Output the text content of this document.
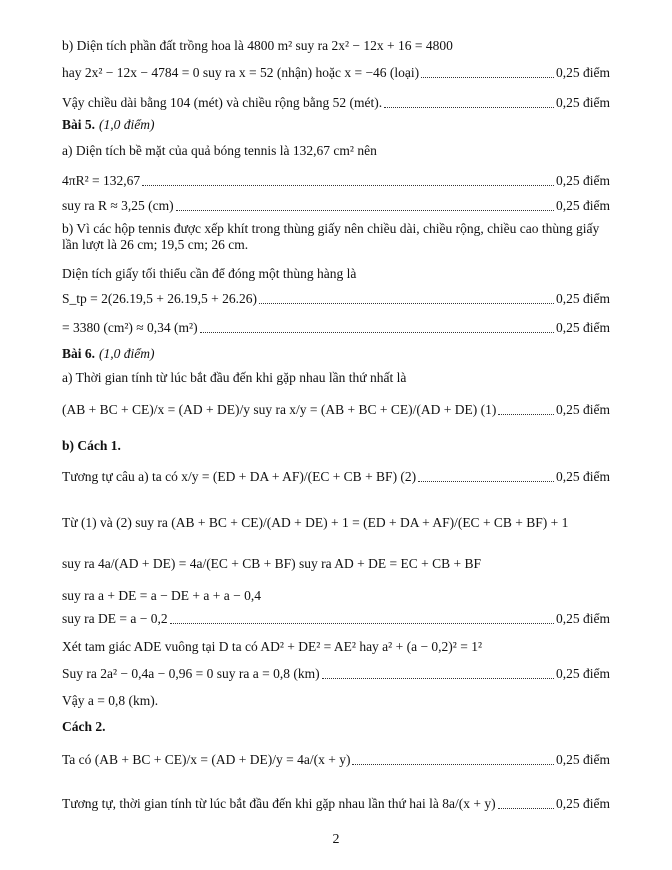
b) Diện tích phần đất trồng hoa là 4800 m² suy ra 2x² − 12x + 16 = 4800
hay 2x² − 12x − 4784 = 0 suy ra x = 52 (nhận) hoặc x = −46 (loại)	0,25 điểm
Vậy chiều dài bằng 104 (mét) và chiều rộng bằng 52 (mét).	0,25 điểm
Bài 5. (1,0 điểm)
a) Diện tích bề mặt của quả bóng tennis là 132,67 cm² nên
4πR² = 132,67	0,25 điểm
suy ra R ≈ 3,25 (cm)	0,25 điểm
b) Vì các hộp tennis được xếp khít trong thùng giấy nên chiều dài, chiều rộng, chiều cao thùng giấy lần lượt là 26 cm; 19,5 cm; 26 cm.
Diện tích giấy tối thiểu cần để đóng một thùng hàng là
S_tp = 2(26.19,5 + 26.19,5 + 26.26)	0,25 điểm
= 3380 (cm²) ≈ 0,34 (m²)	0,25 điểm
Bài 6. (1,0 điểm)
a) Thời gian tính từ lúc bắt đầu đến khi gặp nhau lần thứ nhất là
(AB + BC + CE)/x = (AD + DE)/y suy ra x/y = (AB + BC + CE)/(AD + DE) (1)	0,25 điểm
b) Cách 1.
Tương tự câu a) ta có x/y = (ED + DA + AF)/(EC + CB + BF) (2)	0,25 điểm
Từ (1) và (2) suy ra (AB + BC + CE)/(AD + DE) + 1 = (ED + DA + AF)/(EC + CB + BF) + 1
suy ra 4a/(AD + DE) = 4a/(EC + CB + BF) suy ra AD + DE = EC + CB + BF
suy ra a + DE = a − DE + a + a − 0,4
suy ra DE = a − 0,2	0,25 điểm
Xét tam giác ADE vuông tại D ta có AD² + DE² = AE² hay a² + (a − 0,2)² = 1²
Suy ra 2a² − 0,4a − 0,96 = 0 suy ra a = 0,8 (km)	0,25 điểm
Vậy a = 0,8 (km).
Cách 2.
Ta có (AB + BC + CE)/x = (AD + DE)/y = 4a/(x + y)	0,25 điểm
Tương tự, thời gian tính từ lúc bắt đầu đến khi gặp nhau lần thứ hai là 8a/(x + y)	0,25 điểm
2
